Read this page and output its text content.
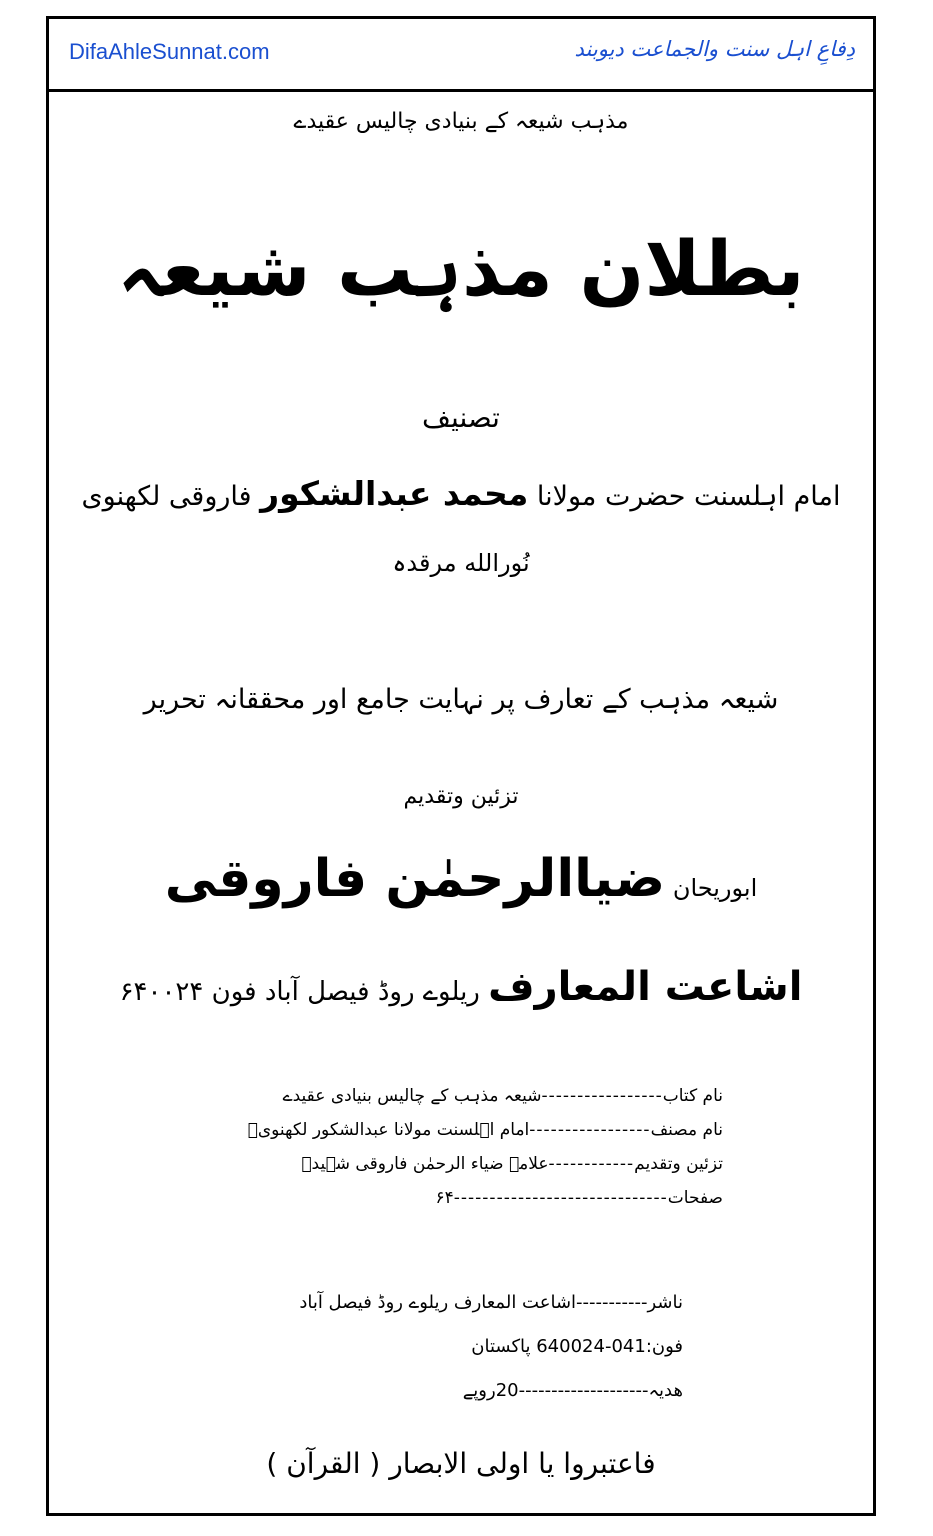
DifaAhleSunnat.com	دِفاعِ اہل سنت والجماعت دیوبند
مذہب شیعہ کے بنیادی چالیس عقیدے
بطلان مذہب شیعہ
تصنیف
امام اہلسنت حضرت مولانا محمد عبدالشکور فاروقی لکھنوی
نُورالله مرقدہ
شیعہ مذہب کے تعارف پر نہایت جامع اور محققانہ تحریر
تزئین وتقدیم
ابوریحان ضیاالرحمٰن فاروقی
اشاعت المعارف ریلوے روڈ فیصل آباد فون ۶۴۰۰۲۴
نام کتاب-----------------شیعہ مذہب کے چالیس بنیادی عقیدے
نام مصنف-----------------امام اہلسنت مولانا عبدالشکور لکھنویؒ
تزئین وتقدیم------------علامہ ضیاء الرحمٰن فاروقی شہیدؒ
صفحات------------------------------۶۴
ناشر-----------اشاعت المعارف ریلوے روڈ فیصل آباد
فون:041-640024 پاکستان
ھدیہ--------------------20روپے
فاعتبروا یا اولی الابصار ( القرآن )
